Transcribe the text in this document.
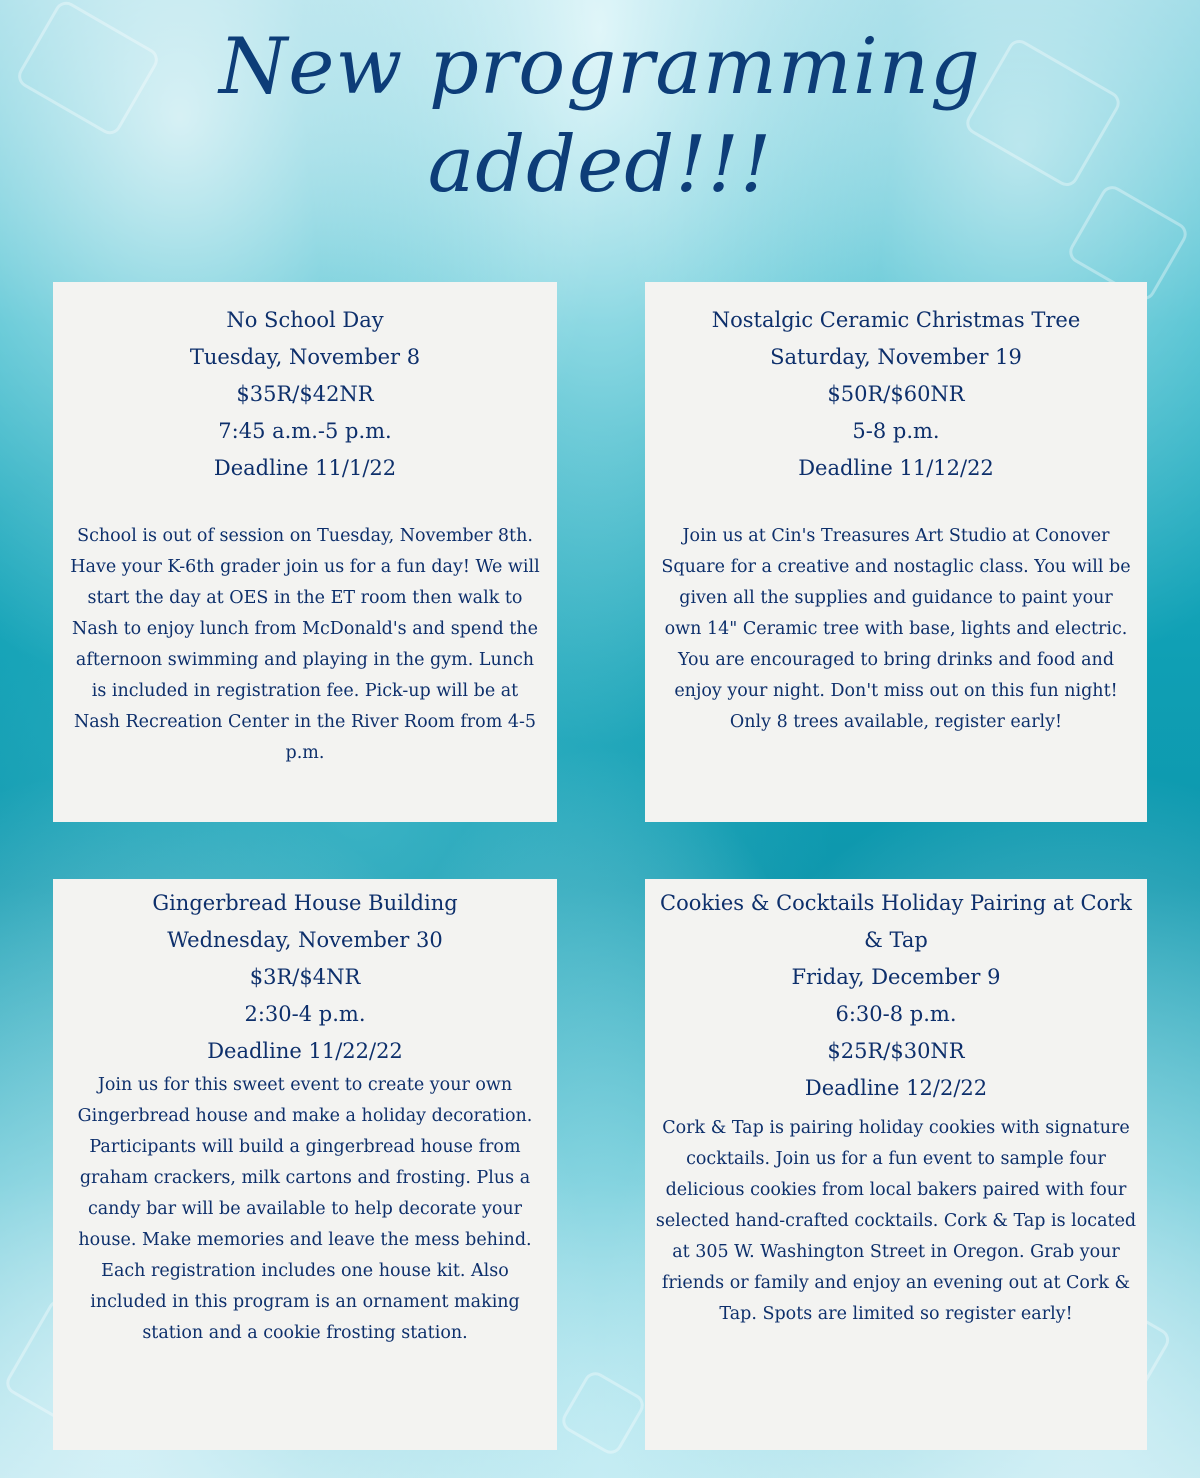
New programming
added!!!
No School Day
Tuesday, November 8
$35R/$42NR
7:45 a.m.-5 p.m.
Deadline 11/1/22
School is out of session on Tuesday, November 8th. Have your K-6th grader join us for a fun day! We will start the day at OES in the ET room then walk to Nash to enjoy lunch from McDonald's and spend the afternoon swimming and playing in the gym. Lunch is included in registration fee. Pick-up will be at Nash Recreation Center in the River Room from 4-5 p.m.
Nostalgic Ceramic Christmas Tree
Saturday, November 19
$50R/$60NR
5-8 p.m.
Deadline 11/12/22
Join us at Cin's Treasures Art Studio at Conover Square for a creative and nostaglic class. You will be given all the supplies and guidance to paint your own 14" Ceramic tree with base, lights and electric. You are encouraged to bring drinks and food and enjoy your night. Don't miss out on this fun night! Only 8 trees available, register early!
Gingerbread House Building
Wednesday, November 30
$3R/$4NR
2:30-4 p.m.
Deadline 11/22/22
Join us for this sweet event to create your own Gingerbread house and make a holiday decoration. Participants will build a gingerbread house from graham crackers, milk cartons and frosting. Plus a candy bar will be available to help decorate your house. Make memories and leave the mess behind. Each registration includes one house kit. Also included in this program is an ornament making station and a cookie frosting station.
Cookies & Cocktails Holiday Pairing at Cork & Tap
Friday, December 9
6:30-8 p.m.
$25R/$30NR
Deadline 12/2/22
Cork & Tap is pairing holiday cookies with signature cocktails. Join us for a fun event to sample four delicious cookies from local bakers paired with four selected hand-crafted cocktails. Cork & Tap is located at 305 W. Washington Street in Oregon. Grab your friends or family and enjoy an evening out at Cork & Tap. Spots are limited so register early!
